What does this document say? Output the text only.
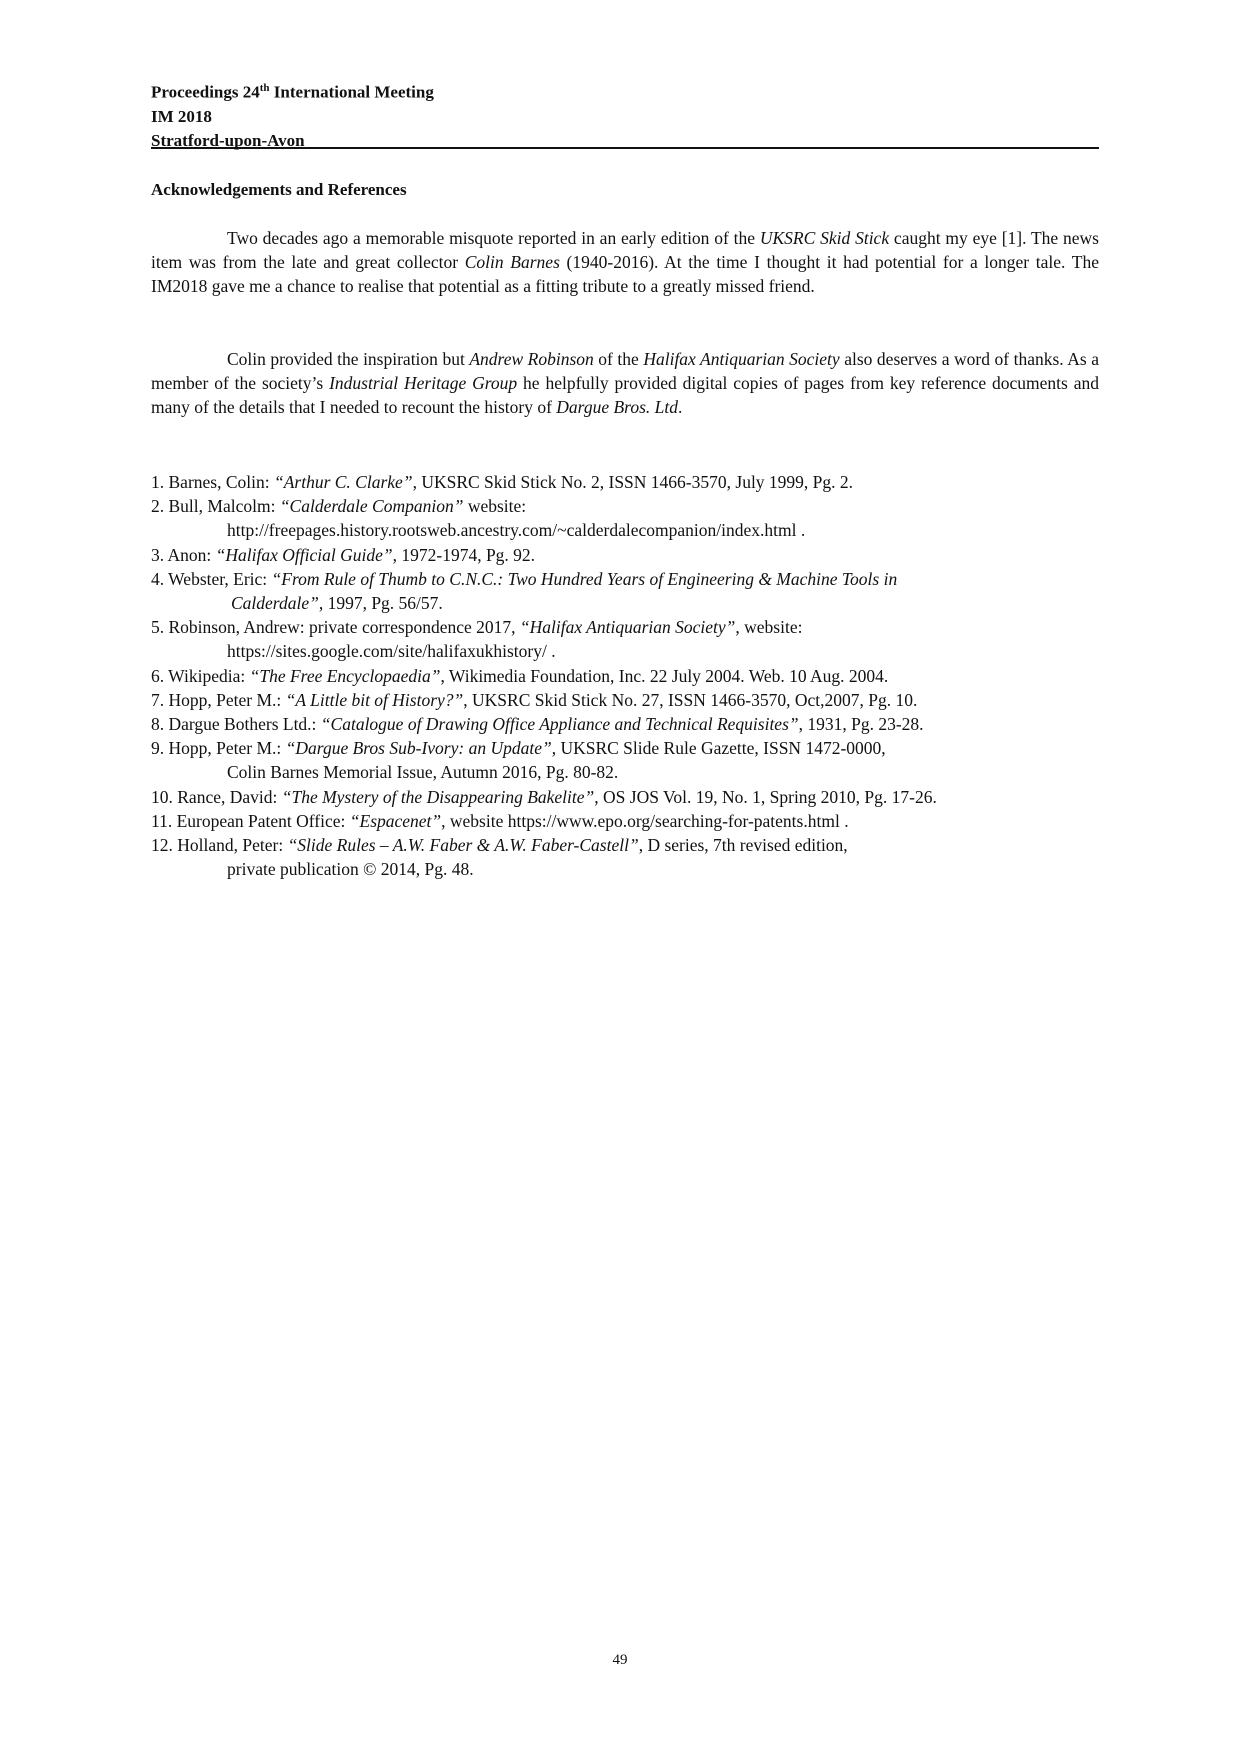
Proceedings 24th International Meeting
IM 2018
Stratford-upon-Avon
Acknowledgements and References

Two decades ago a memorable misquote reported in an early edition of the UKSRC Skid Stick caught my eye [1]. The news item was from the late and great collector Colin Barnes (1940-2016). At the time I thought it had potential for a longer tale. The IM2018 gave me a chance to realise that potential as a fitting tribute to a greatly missed friend.

Colin provided the inspiration but Andrew Robinson of the Halifax Antiquarian Society also deserves a word of thanks. As a member of the society’s Industrial Heritage Group he helpfully provided digital copies of pages from key reference documents and many of the details that I needed to recount the history of Dargue Bros. Ltd.

1. Barnes, Colin: “Arthur C. Clarke”, UKSRC Skid Stick No. 2, ISSN 1466-3570, July 1999, Pg. 2.
2. Bull, Malcolm: “Calderdale Companion” website:
http://freepages.history.rootsweb.ancestry.com/~calderdalecompanion/index.html .
3. Anon: “Halifax Official Guide”, 1972-1974, Pg. 92.
4. Webster, Eric: “From Rule of Thumb to C.N.C.: Two Hundred Years of Engineering & Machine Tools in
Calderdale”, 1997, Pg. 56/57.
5. Robinson, Andrew: private correspondence 2017, “Halifax Antiquarian Society”, website:
https://sites.google.com/site/halifaxukhistory/ .
6. Wikipedia: “The Free Encyclopaedia”, Wikimedia Foundation, Inc. 22 July 2004. Web. 10 Aug. 2004.
7. Hopp, Peter M.: “A Little bit of History?”, UKSRC Skid Stick No. 27, ISSN 1466-3570, Oct,2007, Pg. 10.
8. Dargue Bothers Ltd.: “Catalogue of Drawing Office Appliance and Technical Requisites”, 1931, Pg. 23-28.
9. Hopp, Peter M.: “Dargue Bros Sub-Ivory: an Update”, UKSRC Slide Rule Gazette, ISSN 1472-0000,
Colin Barnes Memorial Issue, Autumn 2016, Pg. 80-82.
10. Rance, David: “The Mystery of the Disappearing Bakelite”, OS JOS Vol. 19, No. 1, Spring 2010, Pg. 17-26.
11. European Patent Office: “Espacenet”, website https://www.epo.org/searching-for-patents.html .
12. Holland, Peter: “Slide Rules – A.W. Faber & A.W. Faber-Castell”, D series, 7th revised edition,
private publication © 2014, Pg. 48.
49
